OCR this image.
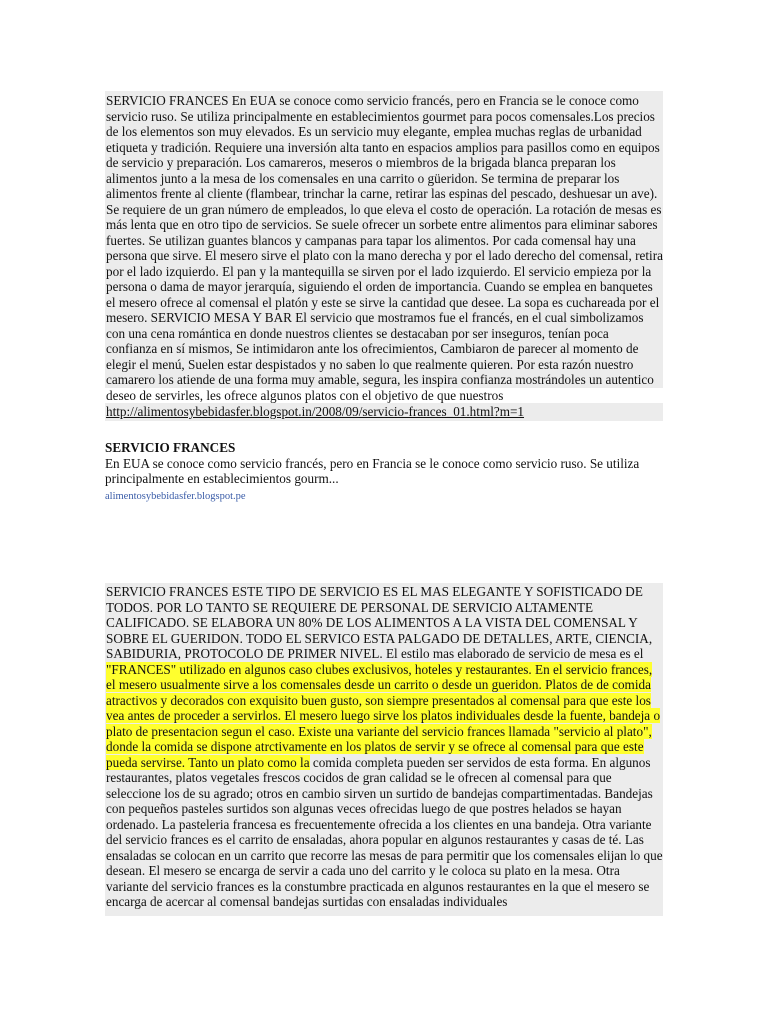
SERVICIO FRANCES En EUA se conoce como servicio francés, pero en Francia se le conoce como servicio ruso. Se utiliza principalmente en establecimientos gourmet para pocos comensales.Los precios de los elementos son muy elevados. Es un servicio muy elegante, emplea muchas reglas de urbanidad etiqueta y tradición. Requiere una inversión alta tanto en espacios amplios para pasillos como en equipos de servicio y preparación. Los camareros, meseros o miembros de la brigada blanca preparan los alimentos junto a la mesa de los comensales en una carrito o güeridon. Se termina de preparar los alimentos frente al cliente (flambear, trinchar la carne, retirar las espinas del pescado, deshuesar un ave). Se requiere de un gran número de empleados, lo que eleva el costo de operación. La rotación de mesas es más lenta que en otro tipo de servicios. Se suele ofrecer un sorbete entre alimentos para eliminar sabores fuertes. Se utilizan guantes blancos y campanas para tapar los alimentos. Por cada comensal hay una persona que sirve. El mesero sirve el plato con la mano derecha y por el lado derecho del comensal, retira por el lado izquierdo. El pan y la mantequilla se sirven por el lado izquierdo. El servicio empieza por la persona o dama de mayor jerarquía, siguiendo el orden de importancia. Cuando se emplea en banquetes el mesero ofrece al comensal el platón y este se sirve la cantidad que desee. La sopa es cuchareada por el mesero. SERVICIO MESA Y BAR El servicio que mostramos fue el francés, en el cual simbolizamos con una cena romántica en donde nuestros clientes se destacaban por ser inseguros, tenían poca confianza en sí mismos, Se intimidaron ante los ofrecimientos, Cambiaron de parecer al momento de elegir el menú, Suelen estar despistados y no saben lo que realmente quieren. Por esta razón nuestro camarero los atiende de una forma muy amable, segura, les inspira confianza mostrándoles un autentico deseo de servirles, les ofrece algunos platos con el objetivo de que nuestros

http://alimentosybebidasfer.blogspot.in/2008/09/servicio-frances_01.html?m=1

SERVICIO FRANCES

En EUA se conoce como servicio francés, pero en Francia se le conoce como servicio ruso. Se utiliza principalmente en establecimientos gourm...

alimentosybebidasfer.blogspot.pe

SERVICIO FRANCES ESTE TIPO DE SERVICIO ES EL MAS ELEGANTE Y SOFISTICADO DE TODOS. POR LO TANTO SE REQUIERE DE PERSONAL DE SERVICIO ALTAMENTE CALIFICADO. SE ELABORA UN 80% DE LOS ALIMENTOS A LA VISTA DEL COMENSAL Y SOBRE EL GUERIDON. TODO EL SERVICO ESTA PALGADO DE DETALLES, ARTE, CIENCIA, SABIDURIA, PROTOCOLO DE PRIMER NIVEL. El estilo mas elaborado de servicio de mesa es el "FRANCES" utilizado en algunos caso clubes exclusivos, hoteles y restaurantes. En el servicio frances, el mesero usualmente sirve a los comensales desde un carrito o desde un gueridon. Platos de de comida atractivos y decorados con exquisito buen gusto, son siempre presentados al comensal para que este los vea antes de proceder a servirlos. El mesero luego sirve los platos individuales desde la fuente, bandeja o plato de presentacion segun el caso. Existe una variante del servicio frances llamada "servicio al plato", donde la comida se dispone atrctivamente en los platos de servir y se ofrece al comensal para que este pueda servirse. Tanto un plato como la comida completa pueden ser servidos de esta forma. En algunos restaurantes, platos vegetales frescos cocidos de gran calidad se le ofrecen al comensal para que seleccione los de su agrado; otros en cambio sirven un surtido de bandejas compartimentadas. Bandejas con pequeños pasteles surtidos son algunas veces ofrecidas luego de que postres helados se hayan ordenado. La pasteleria francesa es frecuentemente ofrecida a los clientes en una bandeja. Otra variante del servicio frances es el carrito de ensaladas, ahora popular en algunos restaurantes y casas de té. Las ensaladas se colocan en un carrito que recorre las mesas de para permitir que los comensales elijan lo que desean. El mesero se encarga de servir a cada uno del carrito y le coloca su plato en la mesa. Otra variante del servicio frances es la constumbre practicada en algunos restaurantes en la que el mesero se encarga de acercar al comensal bandejas surtidas con ensaladas individuales
